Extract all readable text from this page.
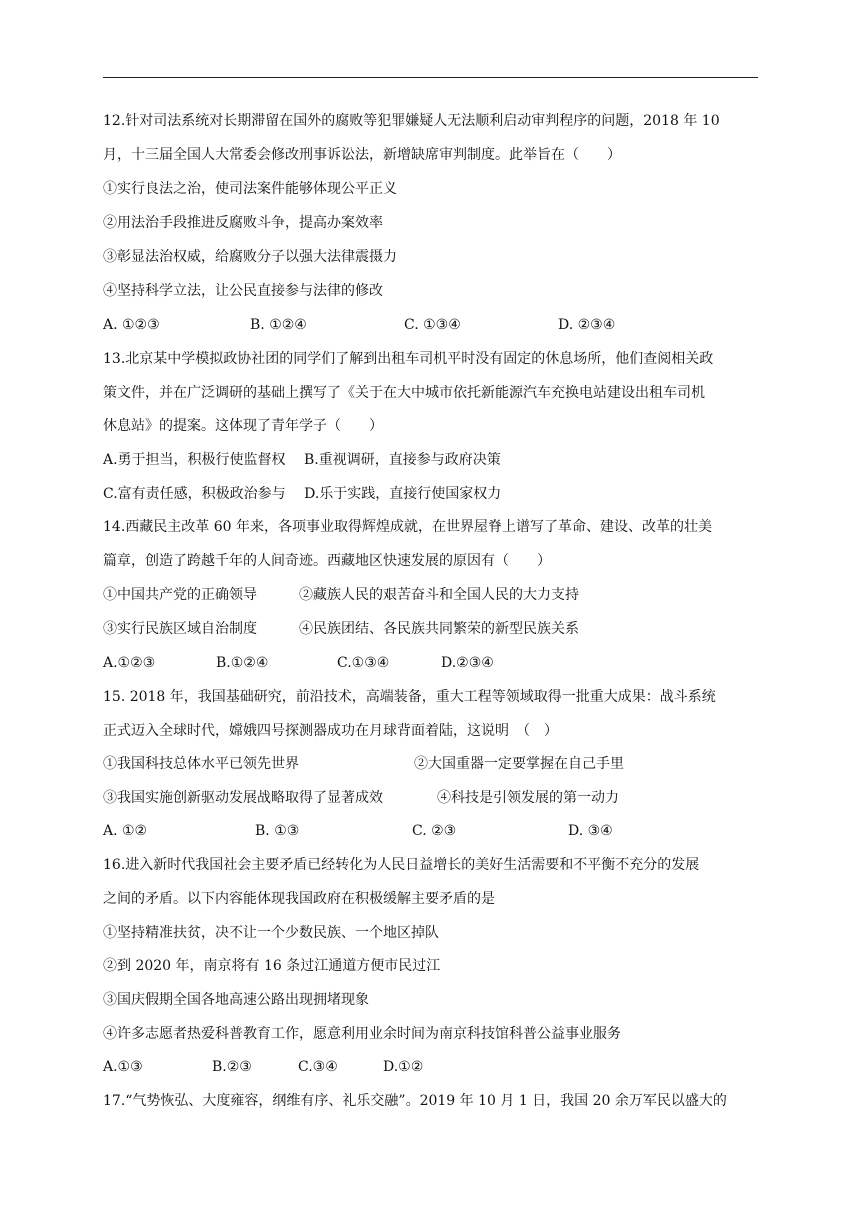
12.针对司法系统对长期滞留在国外的腐败等犯罪嫌疑人无法顺利启动审判程序的问题，2018 年 10
月，十三届全国人大常委会修改刑事诉讼法，新增缺席审判制度。此举旨在（　　）
①实行良法之治，使司法案件能够体现公平正义
②用法治手段推进反腐败斗争，提高办案效率
③彰显法治权威，给腐败分子以强大法律震摄力
④坚持科学立法，让公民直接参与法律的修改
A. ①②③	B. ①②④	C. ①③④	D. ②③④
13.北京某中学模拟政协社团的同学们了解到出租车司机平时没有固定的休息场所，他们查阅相关政
策文件，并在广泛调研的基础上撰写了《关于在大中城市依托新能源汽车充换电站建设出租车司机
休息站》的提案。这体现了青年学子（　　）
A.勇于担当，积极行使监督权　 B.重视调研，直接参与政府决策
C.富有责任感，积极政治参与　 D.乐于实践，直接行使国家权力
14.西藏民主改革 60 年来，各项事业取得辉煌成就，在世界屋脊上谱写了革命、建设、改革的壮美
篇章，创造了跨越千年的人间奇迹。西藏地区快速发展的原因有（　　）
①中国共产党的正确领导　　　②藏族人民的艰苦奋斗和全国人民的大力支持
③实行民族区域自治制度　　　④民族团结、各民族共同繁荣的新型民族关系
A.①②③	B.①②④	C.①③④	D.②③④
15. 2018 年，我国基础研究，前沿技术，高端装备，重大工程等领域取得一批重大成果：战斗系统
正式迈入全球时代，嫦娥四号探测器成功在月球背面着陆，这说明　（　）
①我国科技总体水平已领先世界	②大国重器一定要掌握在自己手里
③我国实施创新驱动发展战略取得了显著成效	④科技是引领发展的第一动力
A. ①②	B. ①③	C. ②③	D. ③④
16.进入新时代我国社会主要矛盾已经转化为人民日益增长的美好生活需要和不平衡不充分的发展
之间的矛盾。以下内容能体现我国政府在积极缓解主要矛盾的是
①坚持精准扶贫，决不让一个少数民族、一个地区掉队
②到 2020 年，南京将有 16 条过江通道方便市民过江
③国庆假期全国各地高速公路出现拥堵现象
④许多志愿者热爱科普教育工作，愿意利用业余时间为南京科技馆科普公益事业服务
A.①③	B.②③	C.③④	D.①②
17.“气势恢弘、大度雍容，纲维有序、礼乐交融”。2019 年 10 月 1 日，我国 20 余万军民以盛大的
